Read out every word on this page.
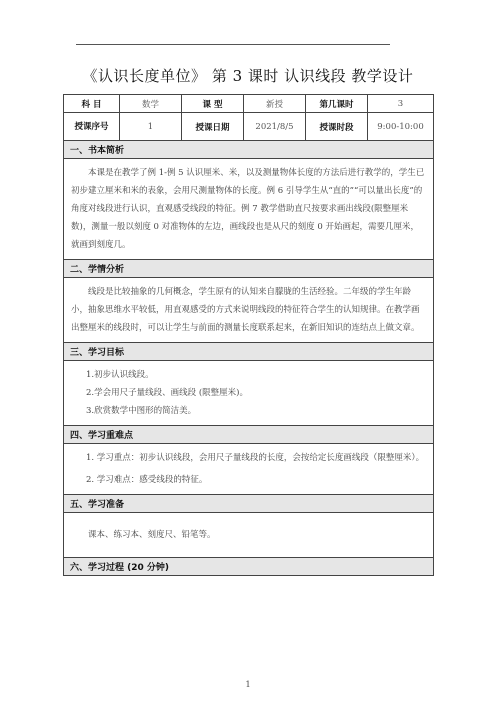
《认识长度单位》 第 3 课时 认识线段 教学设计
科 目	数学	课 型	新授	第几课时	3
授课序号	1	授课日期	2021/8/5	授课时段	9:00-10:00
一、书本简析					

本课是在教学了例 1-例 5 认识厘米、米，以及测量物体长度的方法后进行教学的，学生已初步建立厘米和米的表象，会用尺测量物体的长度。例 6 引导学生从“直的”“可以量出长度”的角度对线段进行认识，直观感受线段的特征。例 7 教学借助直尺按要求画出线段(限整厘米数)，测量一般以刻度 0 对准物体的左边，画线段也是从尺的刻度 0 开始画起，需要几厘米，就画到刻度几。					

二、学情分析					

线段是比较抽象的几何概念，学生原有的认知来自朦胧的生活经验。二年级的学生年龄小，抽象思维水平较低，用直观感受的方式来说明线段的特征符合学生的认知规律。在教学画出整厘米的线段时，可以让学生与前面的测量长度联系起来，在新旧知识的连结点上做文章。					

三、学习目标					

1.初步认识线段。

2.学会用尺子量线段、画线段 (限整厘米)。

3.欣赏数学中图形的简洁美。					

四、学习重难点					

1. 学习重点：初步认识线段，会用尺子量线段的长度，会按给定长度画线段（限整厘米）。

2. 学习难点：感受线段的特征。					

五、学习准备					

课本、练习本、刻度尺、铅笔等。					

六、学习过程 (20 分钟)					
1
